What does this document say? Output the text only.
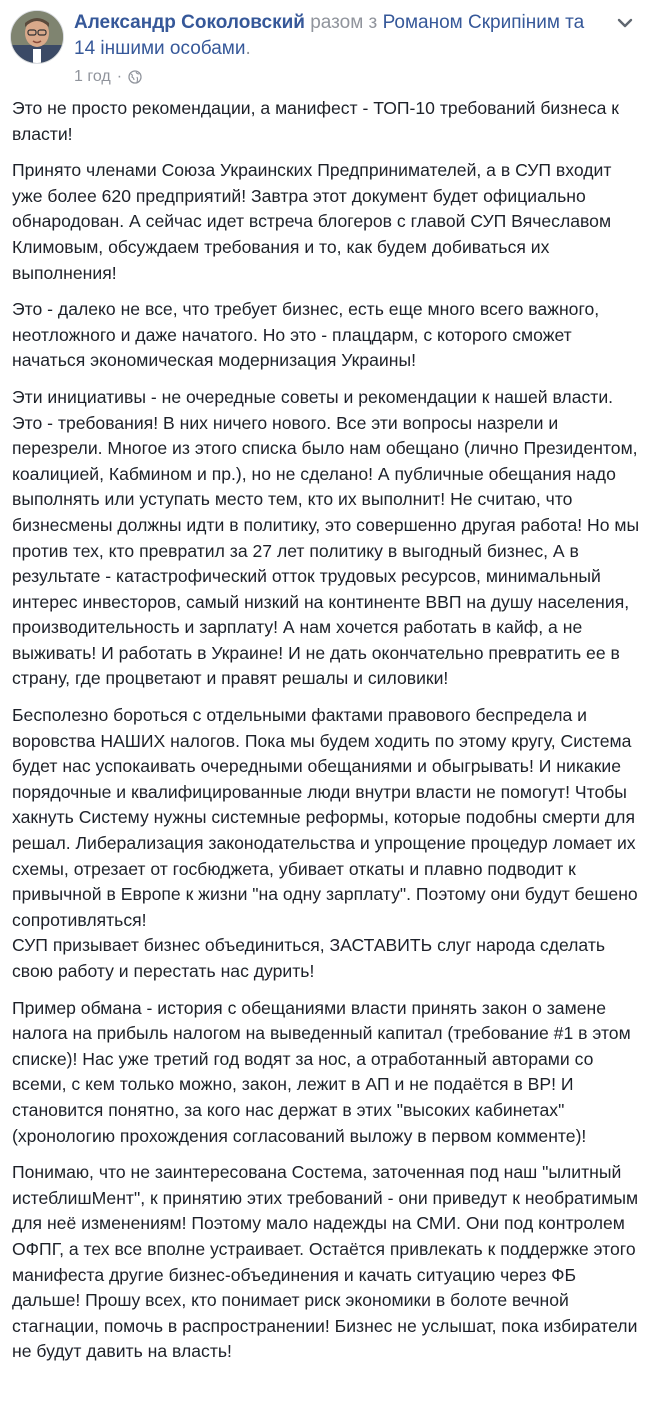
Александр Соколовский разом з Романом Скрипіним та 14 іншими особами.
1 год ·

Это не просто рекомендации, а манифест - ТОП-10 требований бизнеса к власти!

Принято членами Союза Украинских Предпринимателей, а в СУП входит уже более 620 предприятий! Завтра этот документ будет официально обнародован. А сейчас идет встреча блогеров с главой СУП Вячеславом Климовым, обсуждаем требования и то, как будем добиваться их выполнения!

Это - далеко не все, что требует бизнес, есть еще много всего важного, неотложного и даже начатого. Но это - плацдарм, с которого сможет начаться экономическая модернизация Украины!

Эти инициативы - не очередные советы и рекомендации к нашей власти. Это - требования! В них ничего нового. Все эти вопросы назрели и перезрели. Многое из этого списка было нам обещано (лично Президентом, коалицией, Кабмином и пр.), но не сделано! А публичные обещания надо выполнять или уступать место тем, кто их выполнит! Не считаю, что бизнесмены должны идти в политику, это совершенно другая работа! Но мы против тех, кто превратил за 27 лет политику в выгодный бизнес, А в результате - катастрофический отток трудовых ресурсов, минимальный интерес инвесторов, самый низкий на континенте ВВП на душу населения, производительность и зарплату! А нам хочется работать в кайф, а не выживать! И работать в Украине! И не дать окончательно превратить ее в страну, где процветают и правят решалы и силовики!

Бесполезно бороться с отдельными фактами правового беспредела и воровства НАШИХ налогов. Пока мы будем ходить по этому кругу, Система будет нас успокаивать очередными обещаниями и обыгрывать! И никакие порядочные и квалифицированные люди внутри власти не помогут! Чтобы хакнуть Систему нужны системные реформы, которые подобны смерти для решал. Либерализация законодательства и упрощение процедур ломает их схемы, отрезает от госбюджета, убивает откаты и плавно подводит к привычной в Европе к жизни "на одну зарплату". Поэтому они будут бешено сопротивляться!
СУП призывает бизнес объединиться, ЗАСТАВИТЬ слуг народа сделать свою работу и перестать нас дурить!

Пример обмана - история с обещаниями власти принять закон о замене налога на прибыль налогом на выведенный капитал (требование #1 в этом списке)! Нас уже третий год водят за нос, а отработанный авторами со всеми, с кем только можно, закон, лежит в АП и не подаётся в ВР! И становится понятно, за кого нас держат в этих "высоких кабинетах" (хронологию прохождения согласований выложу в первом комменте)!

Понимаю, что не заинтересована Состема, заточенная под наш "ылитный истеблишМент", к принятию этих требований - они приведут к необратимым для неё изменениям! Поэтому мало надежды на СМИ. Они под контролем ОФПГ, а тех все вполне устраивает. Остаётся привлекать к поддержке этого манифеста другие бизнес-объединения и качать ситуацию через ФБ дальше! Прошу всех, кто понимает риск экономики в болоте вечной стагнации, помочь в распространении! Бизнес не услышат, пока избиратели не будут давить на власть!
